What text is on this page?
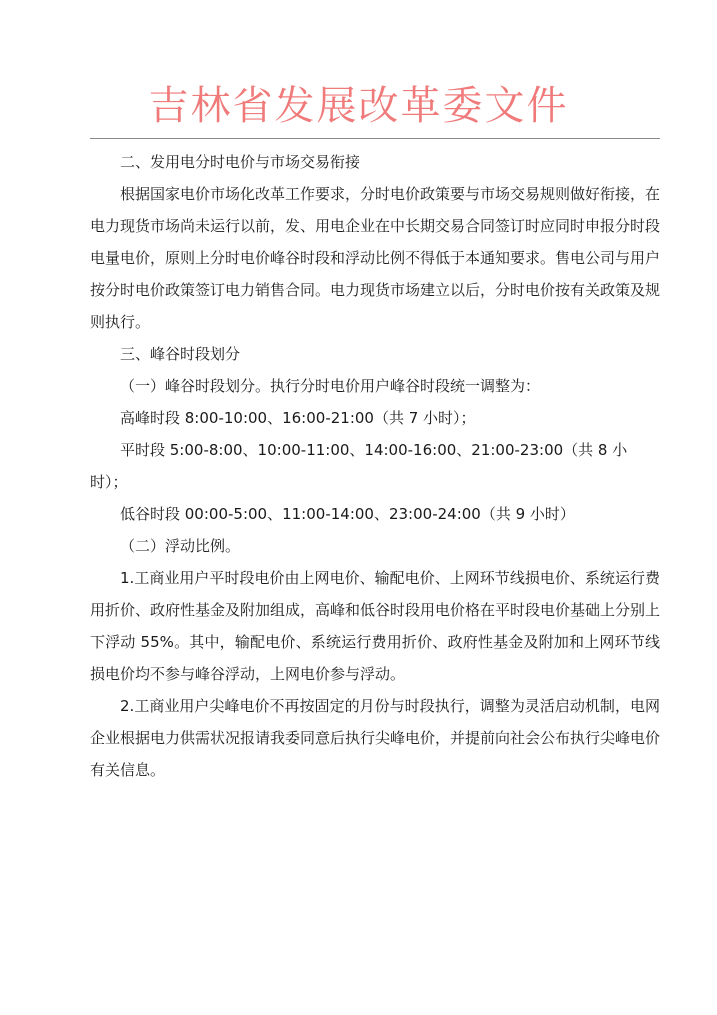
吉林省发展改革委文件

二、发用电分时电价与市场交易衔接

根据国家电价市场化改革工作要求，分时电价政策要与市场交易规则做好衔接，在电力现货市场尚未运行以前，发、用电企业在中长期交易合同签订时应同时申报分时段电量电价，原则上分时电价峰谷时段和浮动比例不得低于本通知要求。售电公司与用户按分时电价政策签订电力销售合同。电力现货市场建立以后，分时电价按有关政策及规则执行。

三、峰谷时段划分

（一）峰谷时段划分。执行分时电价用户峰谷时段统一调整为：

高峰时段 8:00-10:00、16:00-21:00（共 7 小时）；

平时段 5:00-8:00、10:00-11:00、14:00-16:00、21:00-23:00（共 8 小时）；

低谷时段 00:00-5:00、11:00-14:00、23:00-24:00（共 9 小时）

（二）浮动比例。

1.工商业用户平时段电价由上网电价、输配电价、上网环节线损电价、系统运行费用折价、政府性基金及附加组成，高峰和低谷时段用电价格在平时段电价基础上分别上下浮动 55%。其中，输配电价、系统运行费用折价、政府性基金及附加和上网环节线损电价均不参与峰谷浮动，上网电价参与浮动。

2.工商业用户尖峰电价不再按固定的月份与时段执行，调整为灵活启动机制，电网企业根据电力供需状况报请我委同意后执行尖峰电价，并提前向社会公布执行尖峰电价有关信息。
